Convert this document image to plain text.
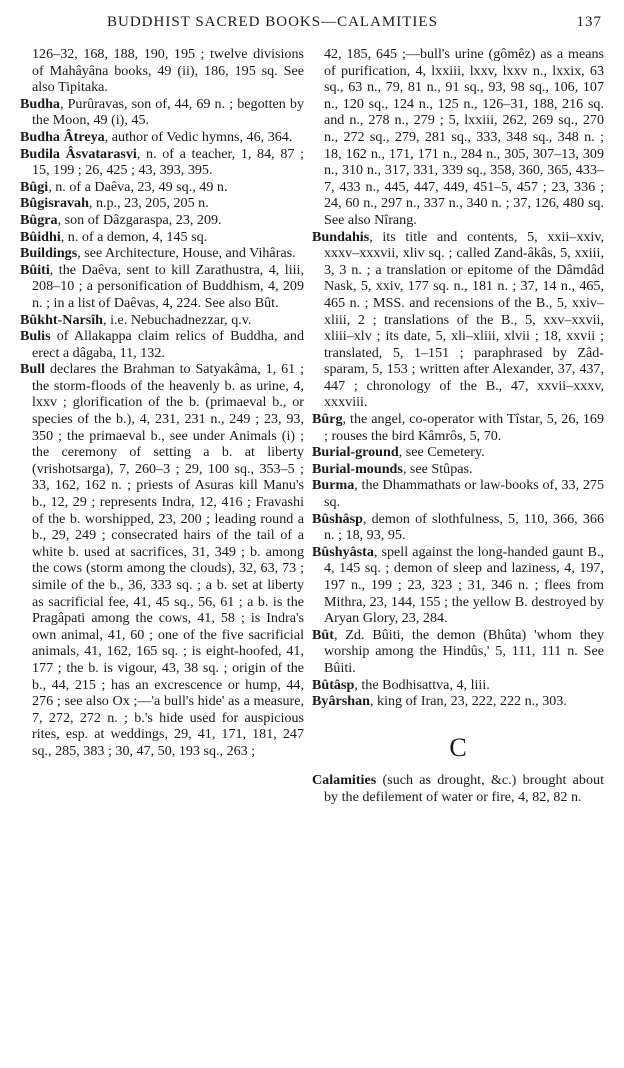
BUDDHIST SACRED BOOKS—CALAMITIES	137

126–32, 168, 188, 190, 195 ; twelve divisions of Mahâyâna books, 49 (ii), 186, 195 sq. See also Tipitaka.

Budha, Purûravas, son of, 44, 69 n. ; begotten by the Moon, 49 (i), 45.

Budha Âtreya, author of Vedic hymns, 46, 364.

Budila Âsvatarasvi, n. of a teacher, 1, 84, 87 ; 15, 199 ; 26, 425 ; 43, 393, 395.

Bûgi, n. of a Daêva, 23, 49 sq., 49 n.

Bûgisravah, n.p., 23, 205, 205 n.

Bûgra, son of Dâzgaraspa, 23, 209.

Bûidhi, n. of a demon, 4, 145 sq.

Buildings, see Architecture, House, and Vihâras.

Bûiti, the Daêva, sent to kill Zarathustra, 4, liii, 208–10 ; a personification of Buddhism, 4, 209 n. ; in a list of Daêvas, 4, 224. See also Bût.

Bûkht-Narsîh, i.e. Nebuchadnezzar, q.v.

Bulis of Allakappa claim relics of Buddha, and erect a dâgaba, 11, 132.

Bull declares the Brahman to Satyakâma, 1, 61 ; the storm-floods of the heavenly b. as urine, 4, lxxv ; glorification of the b. (primaeval b., or species of the b.), 4, 231, 231 n., 249 ; 23, 93, 350 ; the primaeval b., see under Animals (i) ; the ceremony of setting a b. at liberty (vrishotsarga), 7, 260–3 ; 29, 100 sq., 353–5 ; 33, 162, 162 n. ; priests of Asuras kill Manu's b., 12, 29 ; represents Indra, 12, 416 ; Fravashi of the b. worshipped, 23, 200 ; leading round a b., 29, 249 ; consecrated hairs of the tail of a white b. used at sacrifices, 31, 349 ; b. among the cows (storm among the clouds), 32, 63, 73 ; simile of the b., 36, 333 sq. ; a b. set at liberty as sacrificial fee, 41, 45 sq., 56, 61 ; a b. is the Pragâpati among the cows, 41, 58 ; is Indra's own animal, 41, 60 ; one of the five sacrificial animals, 41, 162, 165 sq. ; is eight-hoofed, 41, 177 ; the b. is vigour, 43, 38 sq. ; origin of the b., 44, 215 ; has an excrescence or hump, 44, 276 ; see also Ox ;—'a bull's hide' as a measure, 7, 272, 272 n. ; b.'s hide used for auspicious rites, esp. at weddings, 29, 41, 171, 181, 247 sq., 285, 383 ; 30, 47, 50, 193 sq., 263 ;

42, 185, 645 ;—bull's urine (gômêz) as a means of purification, 4, lxxiii, lxxv, lxxv n., lxxix, 63 sq., 63 n., 79, 81 n., 91 sq., 93, 98 sq., 106, 107 n., 120 sq., 124 n., 125 n., 126–31, 188, 216 sq. and n., 278 n., 279 ; 5, lxxiii, 262, 269 sq., 270 n., 272 sq., 279, 281 sq., 333, 348 sq., 348 n. ; 18, 162 n., 171, 171 n., 284 n., 305, 307–13, 309 n., 310 n., 317, 331, 339 sq., 358, 360, 365, 433–7, 433 n., 445, 447, 449, 451–5, 457 ; 23, 336 ; 24, 60 n., 297 n., 337 n., 340 n. ; 37, 126, 480 sq. See also Nîrang.

Bundahis, its title and contents, 5, xxii–xxiv, xxxv–xxxvii, xliv sq. ; called Zand-âkâs, 5, xxiii, 3, 3 n. ; a translation or epitome of the Dâmdâd Nask, 5, xxiv, 177 sq. n., 181 n. ; 37, 14 n., 465, 465 n. ; MSS. and recensions of the B., 5, xxiv–xliii, 2 ; translations of the B., 5, xxv–xxvii, xliii–xlv ; its date, 5, xli–xliii, xlvii ; 18, xxvii ; translated, 5, 1–151 ; paraphrased by Zâd-sparam, 5, 153 ; written after Alexander, 37, 437, 447 ; chronology of the B., 47, xxvii–xxxv, xxxviii.

Bûrg, the angel, co-operator with Tîstar, 5, 26, 169 ; rouses the bird Kâmrôs, 5, 70.

Burial-ground, see Cemetery.

Burial-mounds, see Stûpas.

Burma, the Dhammathats or law-books of, 33, 275 sq.

Bûshâsp, demon of slothfulness, 5, 110, 366, 366 n. ; 18, 93, 95.

Bûshyâsta, spell against the long-handed gaunt B., 4, 145 sq. ; demon of sleep and laziness, 4, 197, 197 n., 199 ; 23, 323 ; 31, 346 n. ; flees from Mithra, 23, 144, 155 ; the yellow B. destroyed by Aryan Glory, 23, 284.

Bût, Zd. Bûiti, the demon (Bhûta) 'whom they worship among the Hindûs,' 5, 111, 111 n. See Bûiti.

Bûtâsp, the Bodhisattva, 4, liii.

Byârshan, king of Iran, 23, 222, 222 n., 303.

C

Calamities (such as drought, &c.) brought about by the defilement of water or fire, 4, 82, 82 n.
